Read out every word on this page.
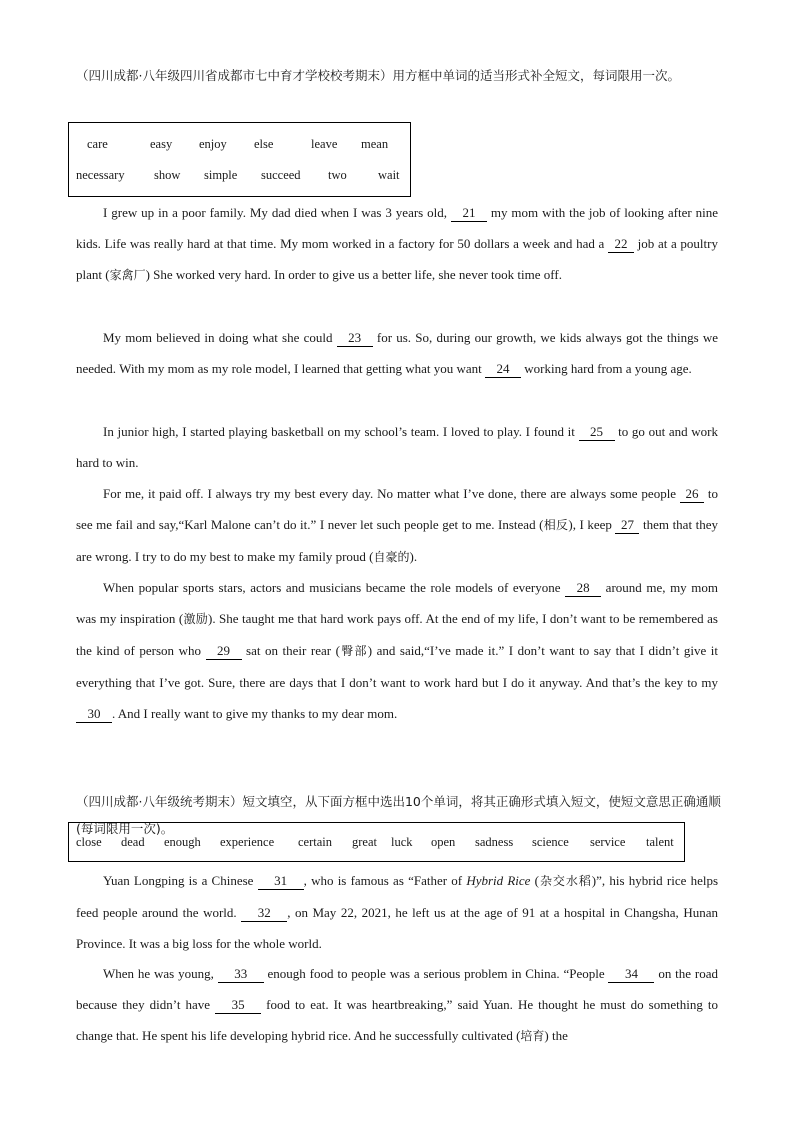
（四川成都·八年级四川省成都市七中育才学校校考期末）用方框中单词的适当形式补全短文，每词限用一次。
care	easy enjoy else	leave mean
necessary show simple succeed two	wait
I grew up in a poor family. My dad died when I was 3 years old, 21 my mom with the job of looking after nine kids. Life was really hard at that time. My mom worked in a factory for 50 dollars a week and had a 22 job at a poultry plant (家禽厂) She worked very hard. In order to give us a better life, she never took time off.
My mom believed in doing what she could 23 for us. So, during our growth, we kids always got the things we needed. With my mom as my role model, I learned that getting what you want 24 working hard from a young age.
In junior high, I started playing basketball on my school’s team. I loved to play. I found it 25 to go out and work hard to win.
For me, it paid off. I always try my best every day. No matter what I’ve done, there are always some people 26 to see me fail and say,“Karl Malone can’t do it.” I never let such people get to me. Instead (相反), I keep 27 them that they are wrong. I try to do my best to make my family proud (自豪的).
When popular sports stars, actors and musicians became the role models of everyone 28 around me, my mom was my inspiration (激励). She taught me that hard work pays off. At the end of my life, I don’t want to be remembered as the kind of person who 29 sat on their rear (臀部) and said,“I’ve made it.” I don’t want to say that I didn’t give it everything that I’ve got. Sure, there are days that I don’t want to work hard but I do it anyway. And that’s the key to my 30 . And I really want to give my thanks to my dear mom.
（四川成都·八年级统考期末）短文填空，从下面方框中选出10个单词，将其正确形式填入短文，使短文意思正确通顺(每词限用一次)。
close dead enough experience certain great luck open sadness science service talent
Yuan Longping is a Chinese 31 , who is famous as “Father of Hybrid Rice (杂交水稻)”, his hybrid rice helps feed people around the world. 32 , on May 22, 2021, he left us at the age of 91 at a hospital in Changsha, Hunan Province. It was a big loss for the whole world.
When he was young, 33 enough food to people was a serious problem in China. “People 34 on the road because they didn’t have 35 food to eat. It was heartbreaking,” said Yuan. He thought he must do something to change that. He spent his life developing hybrid rice. And he successfully cultivated (培育) the
